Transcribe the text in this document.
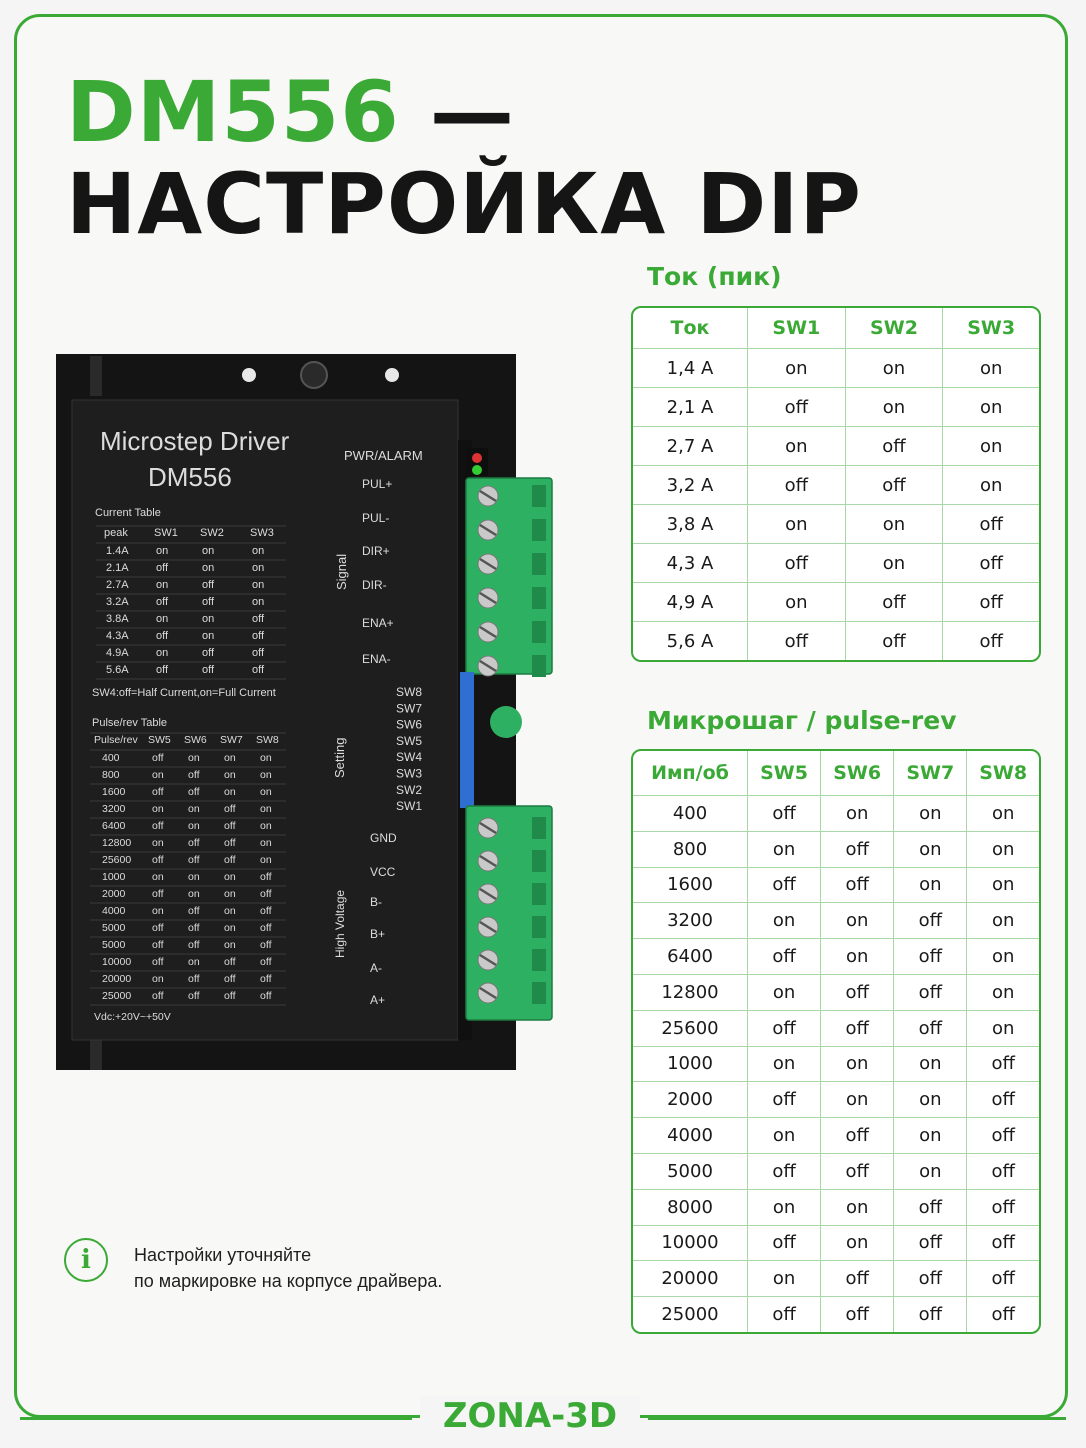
DM556 —
НАСТРОЙКА DIP
Ток (пик)
Ток	SW1	SW2	SW3
1,4 A	on	on	on
2,1 A	off	on	on
2,7 A	on	off	on
3,2 A	off	off	on
3,8 A	on	on	off
4,3 A	off	on	off
4,9 A	on	off	off
5,6 A	off	off	off
Микрошаг / pulse-rev
Имп/об	SW5	SW6	SW7	SW8
400	off	on	on	on
800	on	off	on	on
1600	off	off	on	on
3200	on	on	off	on
6400	off	on	off	on
12800	on	off	off	on
25600	off	off	off	on
1000	on	on	on	off
2000	off	on	on	off
4000	on	off	on	off
5000	off	off	on	off
8000	on	on	off	off
10000	off	on	off	off
20000	on	off	off	off
25000	off	off	off	off
Microstep Driver
DM556
Current Table
peak SW1 SW2 SW3
1.4A on	on	on
2.1A off	on	on
2.7A on	off	on
3.2A off	off	on
3.8A on	on	off
4.3A off	on	off
4.9A on	off	off
5.6A off	off	off
SW4:off=Half Current,on=Full Current
Pulse/rev Table
Pulse/rev SW5 SW6 SW7 SW8
400	off on on on
800	on off on on
1600	off off on on
3200	on on off on
6400	off on off on
12800 on off off on
25600 off off off on
1000	on on on off
2000	off on on off
4000	on off on off
5000	off off on off
5000	off off on off
10000 off on off off
20000 on off off off
25000 off off off off
Vdc:+20V~+50V
PWR/ALARM
Signal
PUL+
PUL-
DIR+
DIR-
ENA+
ENA-
Setting
SW8
SW7
SW6
SW5
SW4
SW3
SW2
SW1
High Voltage
GND
VCC
B-
B+
A-
A+
i	Настройки уточняйте
по маркировке на корпусе драйвера.
ZONA-3D
